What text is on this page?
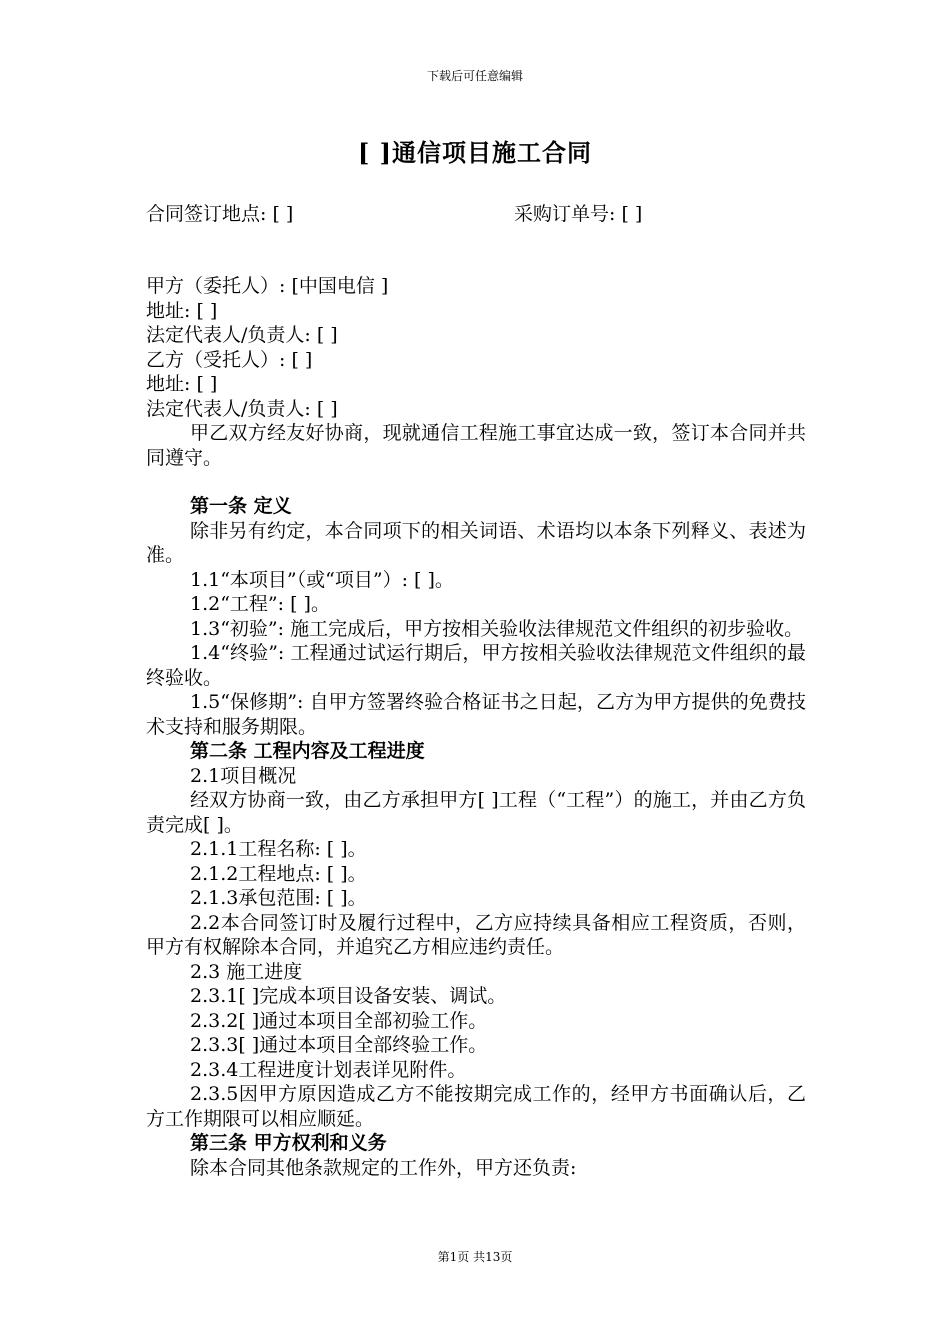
下载后可任意编辑
[ ]通信项目施工合同
合同签订地点: [ ]	采购订单号: [ ]

甲方（委托人）: [中国电信 ]

地址: [ ]

法定代表人/负责人: [ ]

乙方（受托人）: [ ]

地址: [ ]

法定代表人/负责人: [ ]

甲乙双方经友好协商，现就通信工程施工事宜达成一致，签订本合同并共同遵守。

第一条 定义

除非另有约定，本合同项下的相关词语、术语均以本条下列释义、表述为准。

1.1“本项目”（或“项目”）: [ ]。

1.2“工程”: [ ]。

1.3“初验”: 施工完成后，甲方按相关验收法律规范文件组织的初步验收。

1.4“终验”: 工程通过试运行期后，甲方按相关验收法律规范文件组织的最终验收。

1.5“保修期”: 自甲方签署终验合格证书之日起，乙方为甲方提供的免费技术支持和服务期限。

第二条 工程内容及工程进度

2.1项目概况

经双方协商一致，由乙方承担甲方[ ]工程（“工程”）的施工，并由乙方负责完成[ ]。

2.1.1工程名称: [ ]。

2.1.2工程地点: [ ]。

2.1.3承包范围: [ ]。

2.2本合同签订时及履行过程中，乙方应持续具备相应工程资质，否则，甲方有权解除本合同，并追究乙方相应违约责任。

2.3 施工进度

2.3.1[ ]完成本项目设备安装、调试。

2.3.2[ ]通过本项目全部初验工作。

2.3.3[ ]通过本项目全部终验工作。

2.3.4工程进度计划表详见附件。

2.3.5因甲方原因造成乙方不能按期完成工作的，经甲方书面确认后，乙方工作期限可以相应顺延。

第三条 甲方权利和义务

除本合同其他条款规定的工作外，甲方还负责:

第1页 共13页
